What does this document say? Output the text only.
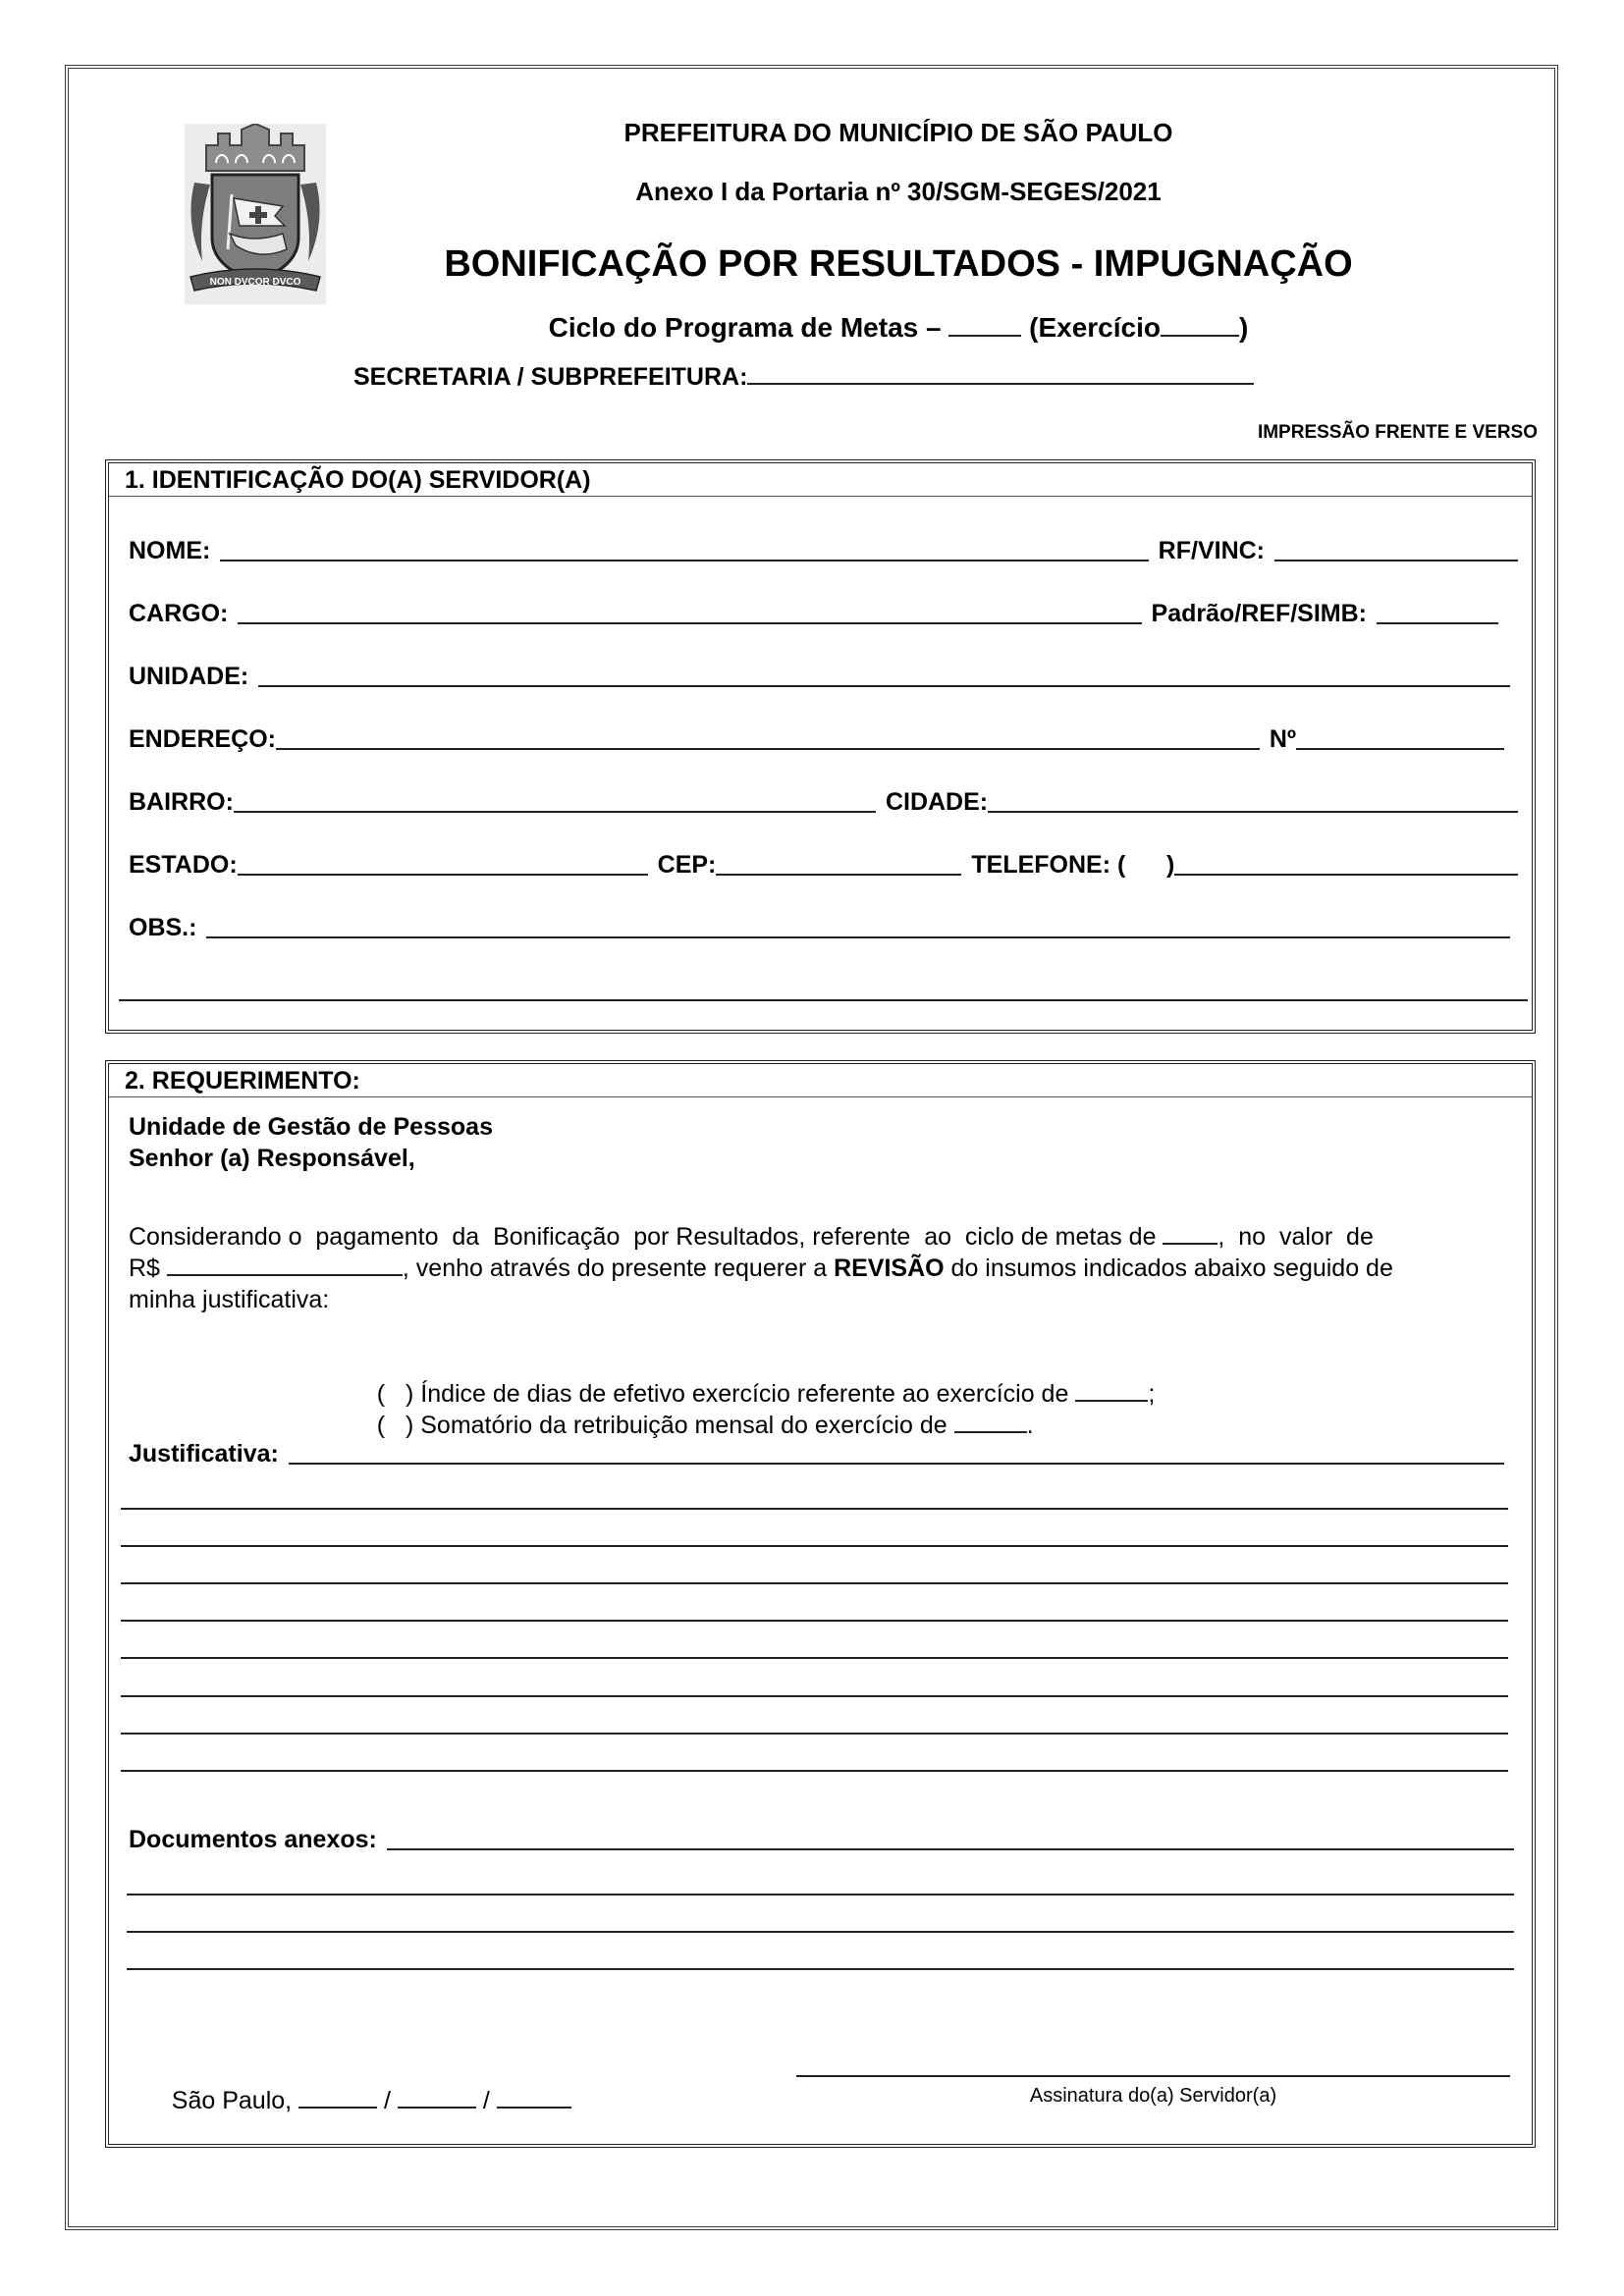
NON DVCOR DVCO
PREFEITURA DO MUNICÍPIO DE SÃO PAULO
Anexo I da Portaria nº 30/SGM-SEGES/2021
BONIFICAÇÃO POR RESULTADOS - IMPUGNAÇÃO
Ciclo do Programa de Metas –	(Exercício	)
SECRETARIA / SUBPREFEITURA:
IMPRESSÃO FRENTE E VERSO
1. IDENTIFICAÇÃO DO(A) SERVIDOR(A)
NOME:	RF/VINC:
CARGO:	Padrão/REF/SIMB:
UNIDADE:
ENDEREÇO:	Nº
BAIRRO:	CIDADE:
ESTADO:	CEP:	TELEFONE: (      )
OBS.:
2. REQUERIMENTO:
Unidade de Gestão de Pessoas
Senhor (a) Responsável,
Considerando o  pagamento  da  Bonificação  por Resultados, referente  ao  ciclo de metas de ,  no  valor  de
R$	, venho através do presente requerer a REVISÃO do insumos indicados abaixo seguido de
minha justificativa:

(   ) Índice de dias de efetivo exercício referente ao exercício de	;

(   ) Somatório da retribuição mensal do exercício de	.

Justificativa:
Documentos anexos:

São Paulo,	/	/
	Assinatura do(a) Servidor(a)
